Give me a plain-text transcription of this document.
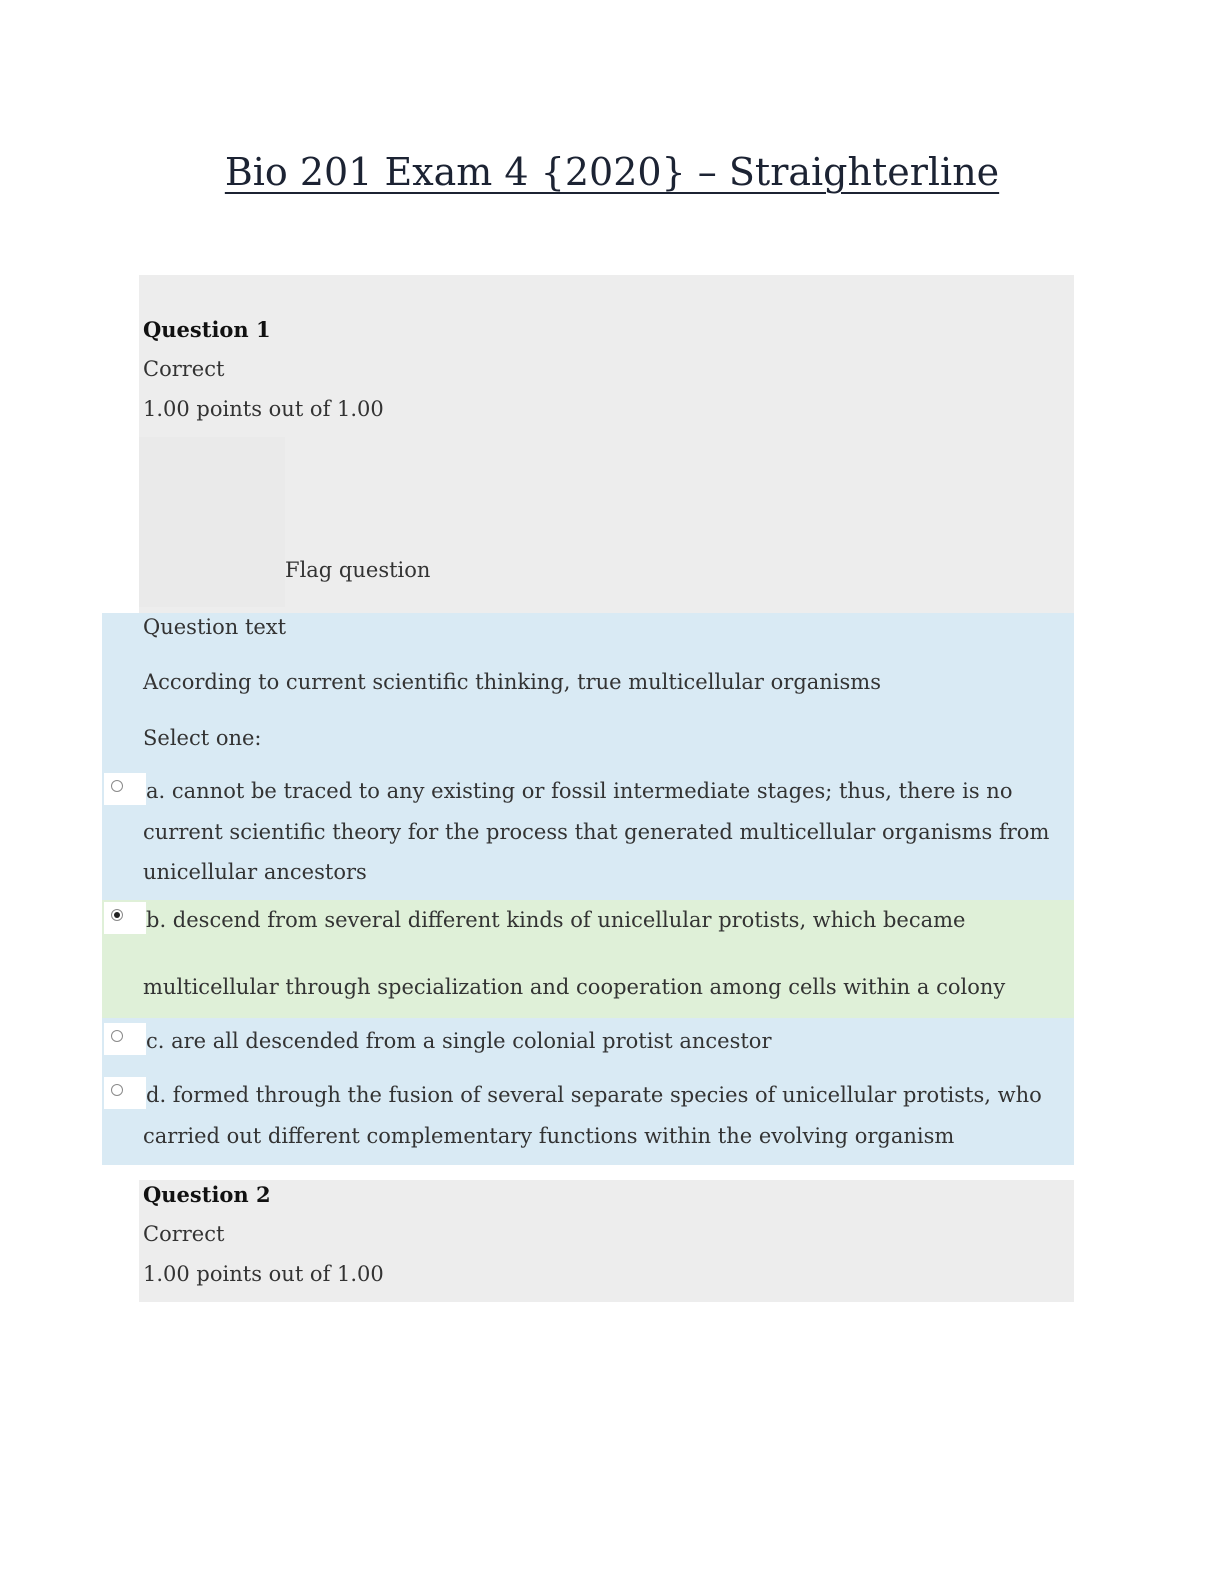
Bio 201 Exam 4 {2020} – Straighterline
Question 1
Correct
1.00 points out of 1.00
Flag question
Question text
According to current scientific thinking, true multicellular organisms
Select one:
a. cannot be traced to any existing or fossil intermediate stages; thus, there is no current scientific theory for the process that generated multicellular organisms from unicellular ancestors
b. descend from several different kinds of unicellular protists, which became
multicellular through specialization and cooperation among cells within a colony
c. are all descended from a single colonial protist ancestor
d. formed through the fusion of several separate species of unicellular protists, who carried out different complementary functions within the evolving organism
Question 2
Correct
1.00 points out of 1.00
